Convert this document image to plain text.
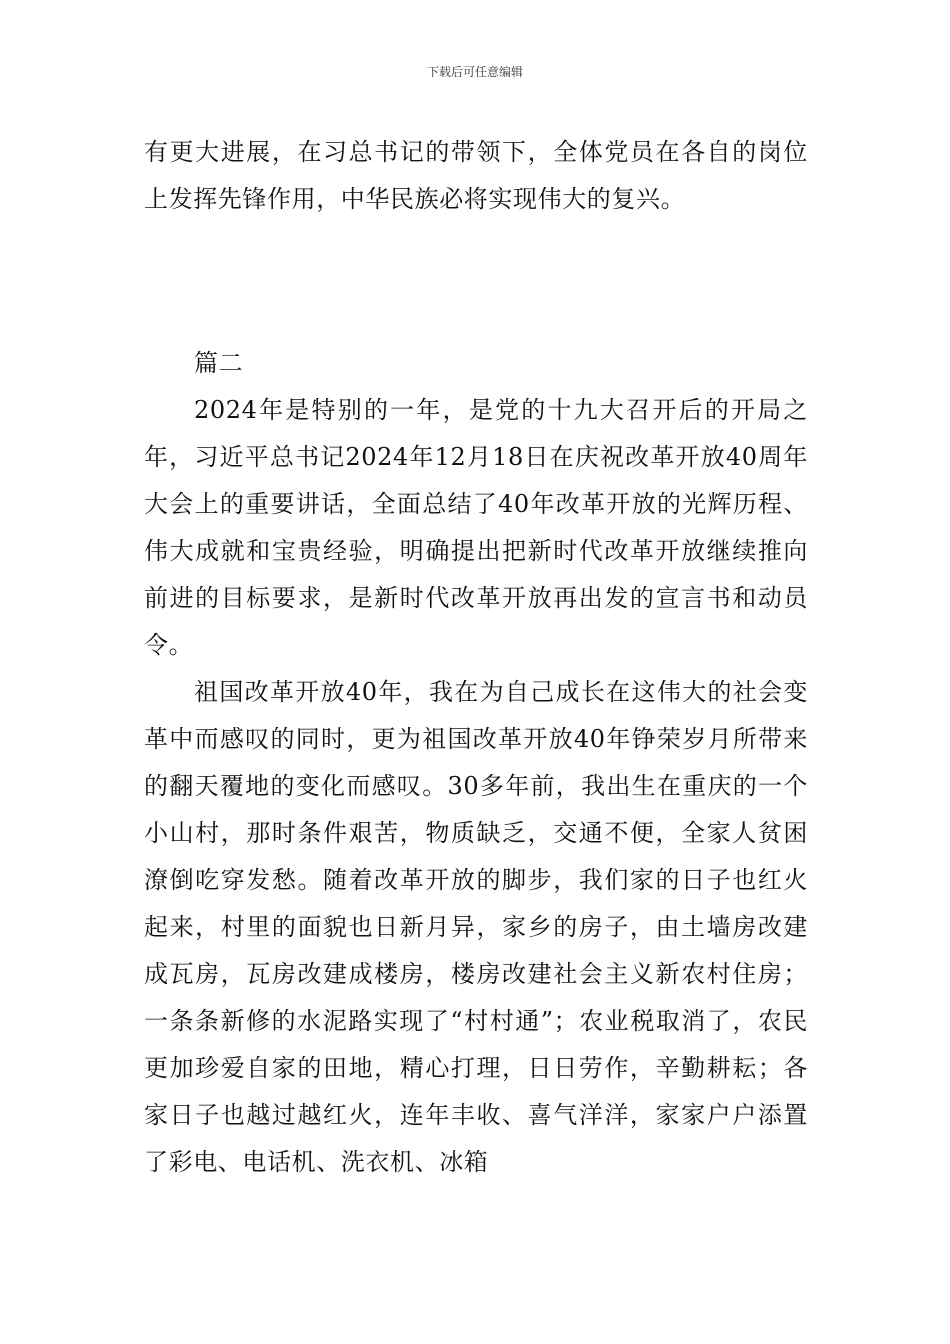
下载后可任意编辑

有更大进展，在习总书记的带领下，全体党员在各自的岗位上发挥先锋作用，中华民族必将实现伟大的复兴。

篇二

2024年是特别的一年，是党的十九大召开后的开局之年，习近平总书记2024年12月18日在庆祝改革开放40周年大会上的重要讲话，全面总结了40年改革开放的光辉历程、伟大成就和宝贵经验，明确提出把新时代改革开放继续推向前进的目标要求，是新时代改革开放再出发的宣言书和动员令。

祖国改革开放40年，我在为自己成长在这伟大的社会变革中而感叹的同时，更为祖国改革开放40年铮荣岁月所带来的翻天覆地的变化而感叹。30多年前，我出生在重庆的一个小山村，那时条件艰苦，物质缺乏，交通不便，全家人贫困潦倒吃穿发愁。随着改革开放的脚步，我们家的日子也红火起来，村里的面貌也日新月异，家乡的房子，由土墙房改建成瓦房，瓦房改建成楼房，楼房改建社会主义新农村住房；一条条新修的水泥路实现了“村村通”；农业税取消了，农民更加珍爱自家的田地，精心打理，日日劳作，辛勤耕耘；各家日子也越过越红火，连年丰收、喜气洋洋，家家户户添置了彩电、电话机、洗衣机、冰箱
